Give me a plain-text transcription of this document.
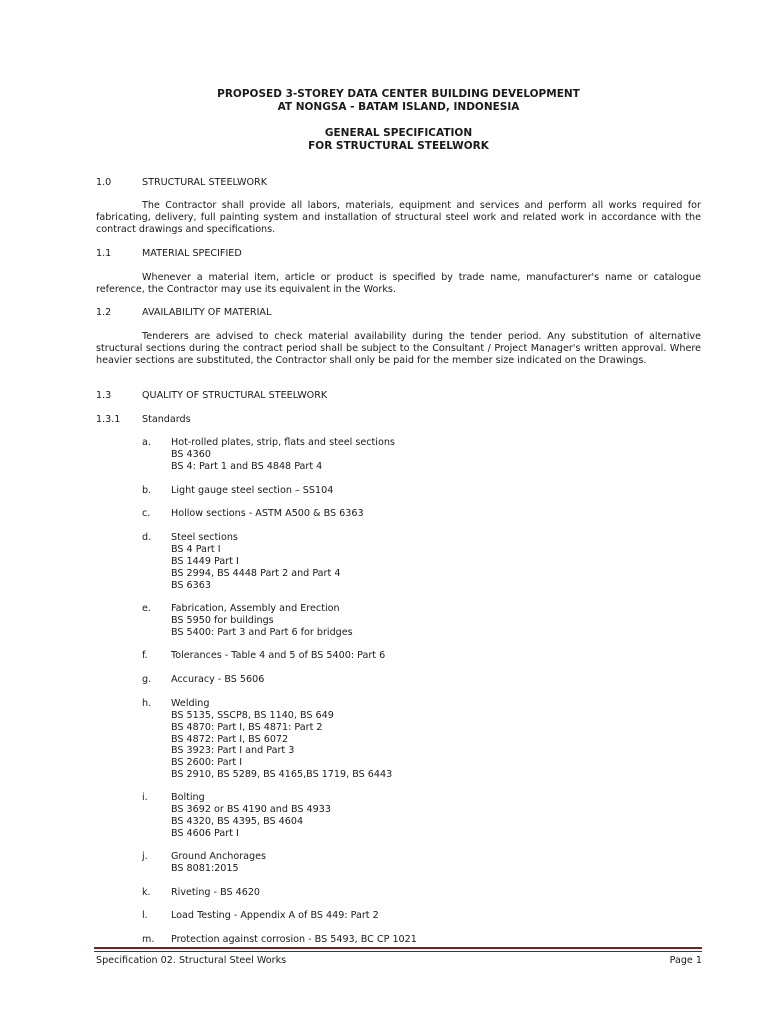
PROPOSED 3-STOREY DATA CENTER BUILDING DEVELOPMENT
AT NONGSA - BATAM ISLAND, INDONESIA
GENERAL SPECIFICATION
FOR STRUCTURAL STEELWORK
1.0	STRUCTURAL STEELWORK
The Contractor shall provide all labors, materials, equipment and services and perform all works required for fabricating, delivery, full painting system and installation of structural steel work and related work in accordance with the contract drawings and specifications.
1.1	MATERIAL SPECIFIED
Whenever a material item, article or product is specified by trade name, manufacturer's name or catalogue reference, the Contractor may use its equivalent in the Works.
1.2	AVAILABILITY OF MATERIAL
Tenderers are advised to check material availability during the tender period. Any substitution of alternative structural sections during the contract period shall be subject to the Consultant / Project Manager's written approval. Where heavier sections are substituted, the Contractor shall only be paid for the member size indicated on the Drawings.
1.3	QUALITY OF STRUCTURAL STEELWORK
1.3.1 Standards
a. Hot-rolled plates, strip, flats and steel sections
BS 4360
BS 4: Part 1 and BS 4848 Part 4
b. Light gauge steel section – SS104
c. Hollow sections - ASTM A500 & BS 6363
d. Steel sections
BS 4 Part I
BS 1449 Part I
BS 2994, BS 4448 Part 2 and Part 4
BS 6363
e. Fabrication, Assembly and Erection
BS 5950 for buildings
BS 5400: Part 3 and Part 6 for bridges
f. Tolerances - Table 4 and 5 of BS 5400: Part 6
g. Accuracy - BS 5606
h. Welding
BS 5135, SSCP8, BS 1140, BS 649
BS 4870: Part I, BS 4871: Part 2
BS 4872: Part I, BS 6072
BS 3923: Part I and Part 3
BS 2600: Part I
BS 2910, BS 5289, BS 4165,BS 1719, BS 6443
i. Bolting
BS 3692 or BS 4190 and BS 4933
BS 4320, BS 4395, BS 4604
BS 4606 Part I
j. Ground Anchorages
BS 8081:2015
k. Riveting - BS 4620
l. Load Testing - Appendix A of BS 449: Part 2
m. Protection against corrosion - BS 5493, BC CP 1021
Specification 02. Structural Steel Works	Page 1
